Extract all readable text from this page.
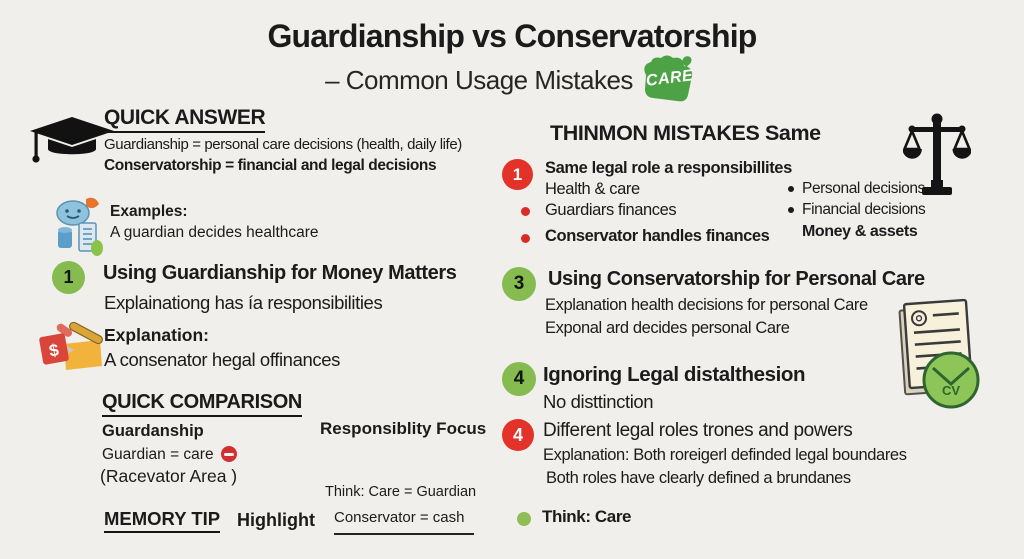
Guardianship vs Conservatorship
– Common Usage Mistakes CARE
QUICK ANSWER
Guardianship = personal care decisions (health, daily life)
Conservatorship = financial and legal decisions
Examples:
A guardian decides healthcare
1	Using Guardianship for Money Matters
Explainationg has ía responsibilities
$
Explanation:
A consenator hegal offinances
QUICK COMPARISON
Guardanship
Guardian = care
(Racevator Area )
Responsiblity Focus
Think: Care = Guardian
MEMORY TIP Highlight Conservator = cash
THINMON MISTAKES Same
1	Same legal role a responsibillites
Health & care
Guardiars finances
Conservator handles finances
Personal decisions
Financial decisions
Money & assets
3	Using Conservatorship for Personal Care
Explanation health decisions for personal Care
Exponal ard decides personal Care
CV
4 Ignoring Legal distalthesion
No disttinction
4	Different legal roles trones and powers
Explanation: Both roreigerl definded legal boundares
Both roles have clearly defined a brundanes
Think: Care
